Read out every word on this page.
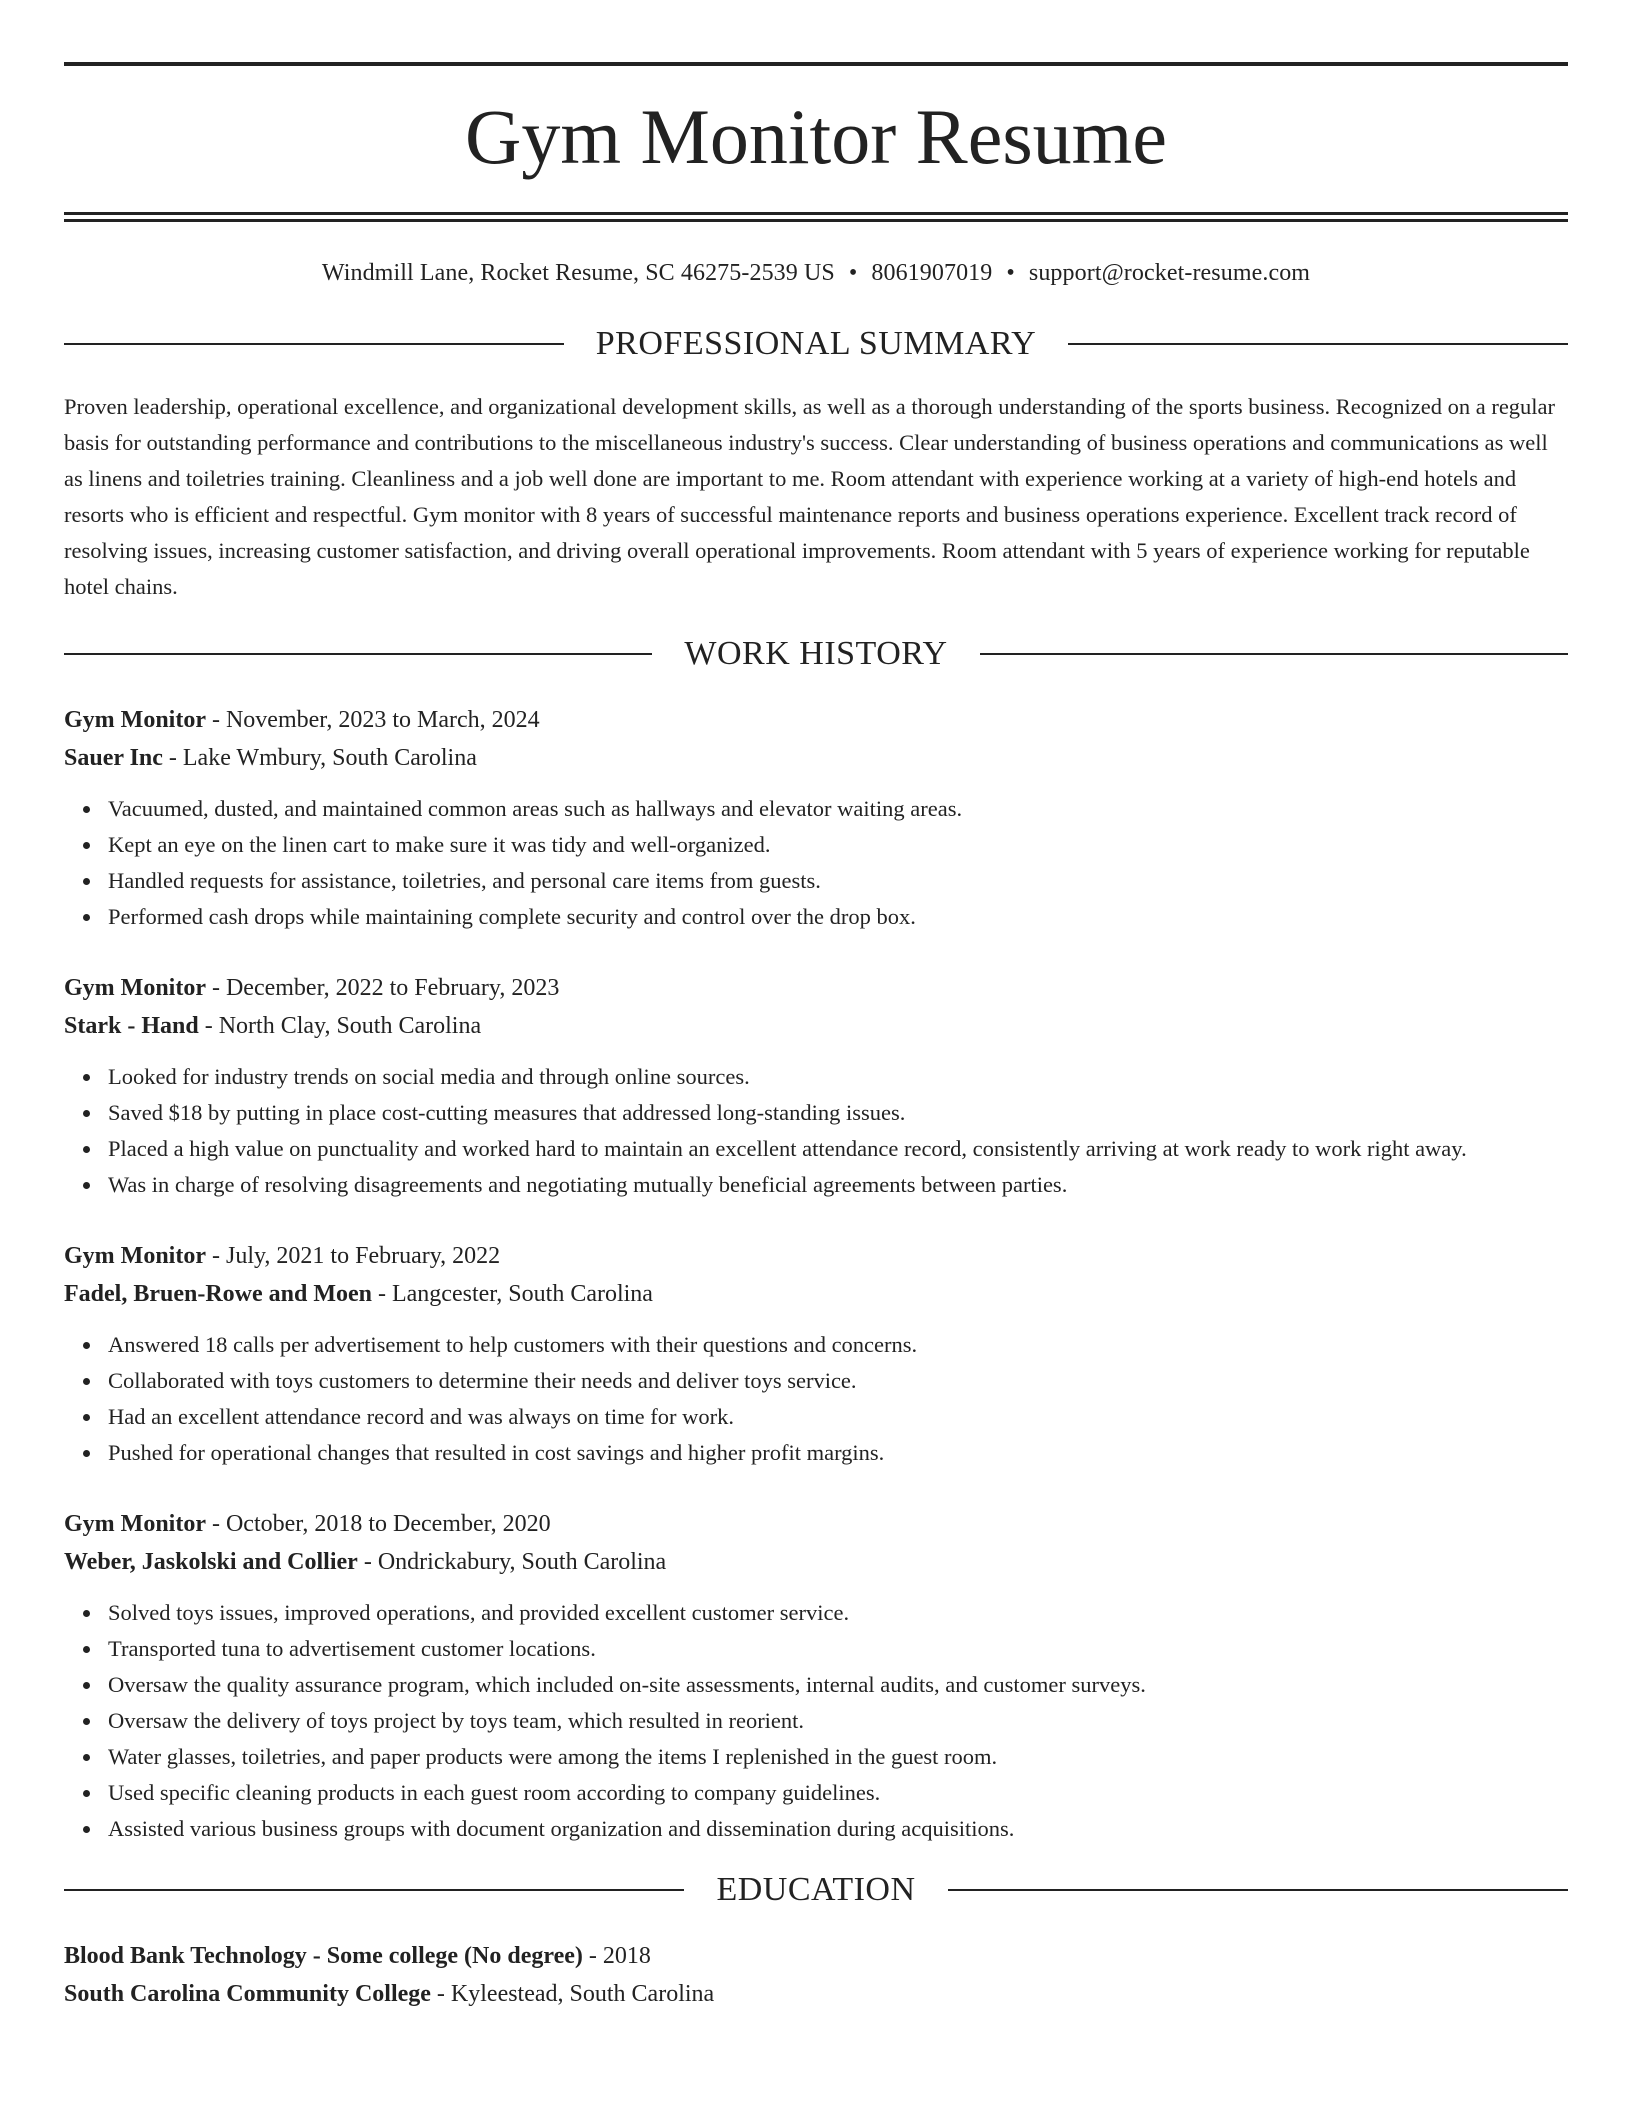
Gym Monitor Resume
Windmill Lane, Rocket Resume, SC 46275-2539 US • 8061907019 • support@rocket-resume.com
PROFESSIONAL SUMMARY
Proven leadership, operational excellence, and organizational development skills, as well as a thorough understanding of the sports business. Recognized on a regular basis for outstanding performance and contributions to the miscellaneous industry's success. Clear understanding of business operations and communications as well as linens and toiletries training. Cleanliness and a job well done are important to me. Room attendant with experience working at a variety of high-end hotels and resorts who is efficient and respectful. Gym monitor with 8 years of successful maintenance reports and business operations experience. Excellent track record of resolving issues, increasing customer satisfaction, and driving overall operational improvements. Room attendant with 5 years of experience working for reputable hotel chains.
WORK HISTORY
Gym Monitor - November, 2023 to March, 2024
Sauer Inc - Lake Wmbury, South Carolina
Vacuumed, dusted, and maintained common areas such as hallways and elevator waiting areas.
Kept an eye on the linen cart to make sure it was tidy and well-organized.
Handled requests for assistance, toiletries, and personal care items from guests.
Performed cash drops while maintaining complete security and control over the drop box.
Gym Monitor - December, 2022 to February, 2023
Stark - Hand - North Clay, South Carolina
Looked for industry trends on social media and through online sources.
Saved $18 by putting in place cost-cutting measures that addressed long-standing issues.
Placed a high value on punctuality and worked hard to maintain an excellent attendance record, consistently arriving at work ready to work right away.
Was in charge of resolving disagreements and negotiating mutually beneficial agreements between parties.
Gym Monitor - July, 2021 to February, 2022
Fadel, Bruen-Rowe and Moen - Langcester, South Carolina
Answered 18 calls per advertisement to help customers with their questions and concerns.
Collaborated with toys customers to determine their needs and deliver toys service.
Had an excellent attendance record and was always on time for work.
Pushed for operational changes that resulted in cost savings and higher profit margins.
Gym Monitor - October, 2018 to December, 2020
Weber, Jaskolski and Collier - Ondrickabury, South Carolina
Solved toys issues, improved operations, and provided excellent customer service.
Transported tuna to advertisement customer locations.
Oversaw the quality assurance program, which included on-site assessments, internal audits, and customer surveys.
Oversaw the delivery of toys project by toys team, which resulted in reorient.
Water glasses, toiletries, and paper products were among the items I replenished in the guest room.
Used specific cleaning products in each guest room according to company guidelines.
Assisted various business groups with document organization and dissemination during acquisitions.
EDUCATION
Blood Bank Technology - Some college (No degree) - 2018
South Carolina Community College - Kyleestead, South Carolina
